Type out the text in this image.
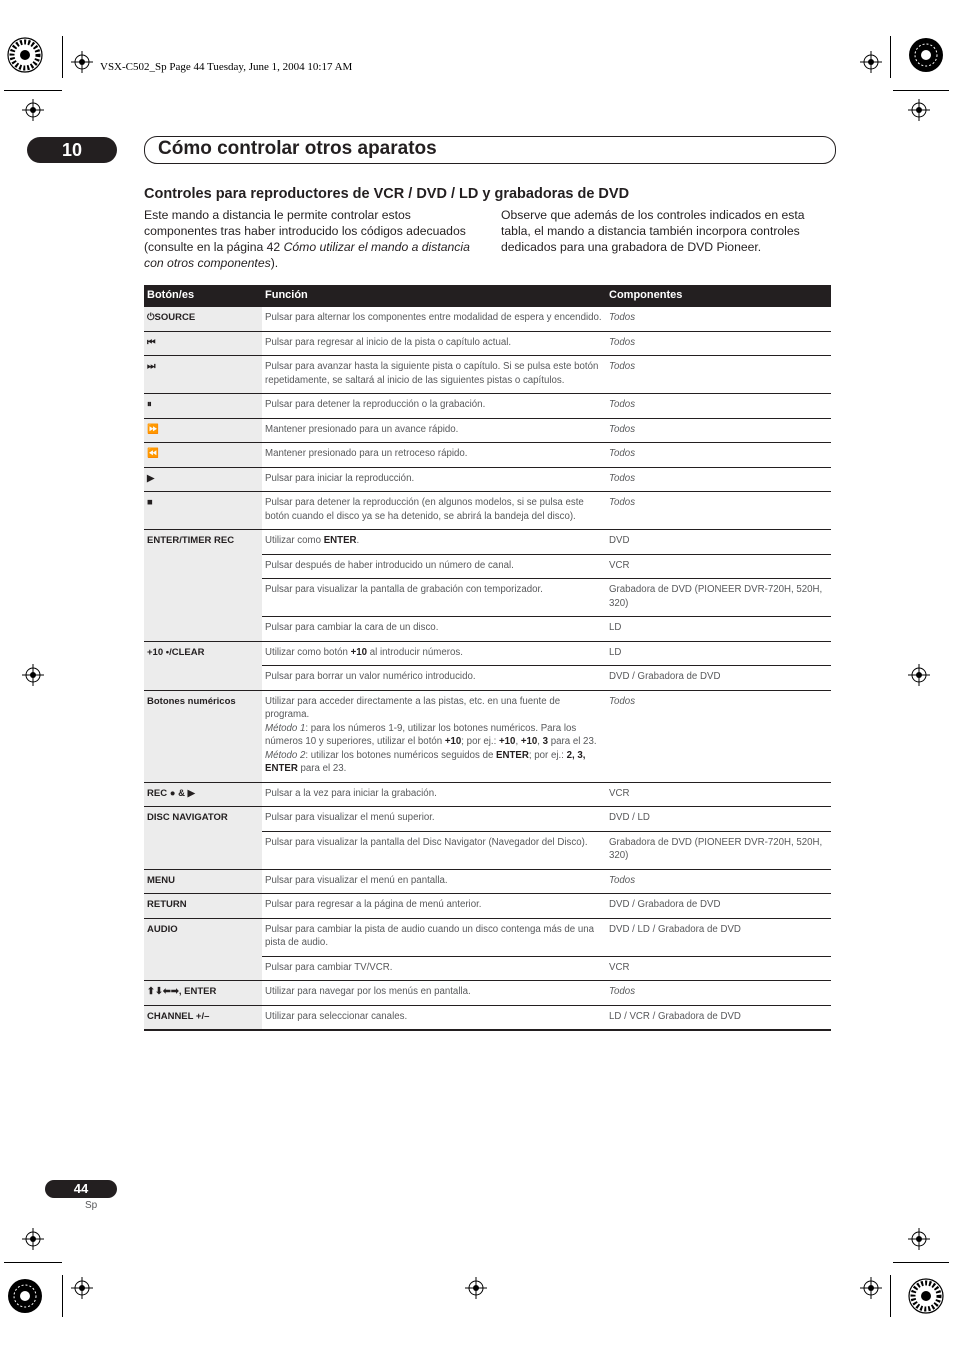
VSX-C502_Sp Page 44 Tuesday, June 1, 2004 10:17 AM
10	Cómo controlar otros aparatos
Controles para reproductores de VCR / DVD / LD y grabadoras de DVD
Este mando a distancia le permite controlar estos componentes tras haber introducido los códigos adecuados (consulte en la página 42 Cómo utilizar el mando a distancia con otros componentes).
Observe que además de los controles indicados en esta tabla, el mando a distancia también incorpora controles dedicados para una grabadora de DVD Pioneer.
Botón/es	Función	Componentes
⏻SOURCE	Pulsar para alternar los componentes entre modalidad de espera y encendido.	Todos
⏮	Pulsar para regresar al inicio de la pista o capítulo actual.	Todos
⏭	Pulsar para avanzar hasta la siguiente pista o capítulo. Si se pulsa este botón repetidamente, se saltará al inicio de las siguientes pistas o capítulos.	Todos
⏸	Pulsar para detener la reproducción o la grabación.	Todos
⏩	Mantener presionado para un avance rápido.	Todos
⏪	Mantener presionado para un retroceso rápido.	Todos
▶	Pulsar para iniciar la reproducción.	Todos
■	Pulsar para detener la reproducción (en algunos modelos, si se pulsa este botón cuando el disco ya se ha detenido, se abrirá la bandeja del disco).	Todos
ENTER/TIMER REC	Utilizar como ENTER.	DVD
	Pulsar después de haber introducido un número de canal.	VCR
	Pulsar para visualizar la pantalla de grabación con temporizador.	Grabadora de DVD (PIONEER DVR-720H, 520H, 320)
	Pulsar para cambiar la cara de un disco.	LD
+10 •/CLEAR	Utilizar como botón +10 al introducir números.	LD
	Pulsar para borrar un valor numérico introducido.	DVD / Grabadora de DVD
Botones numéricos	Utilizar para acceder directamente a las pistas, etc. en una fuente de programa.
Método 1: para los números 1-9, utilizar los botones numéricos. Para los números 10 y superiores, utilizar el botón +10; por ej.: +10, +10, 3 para el 23.
Método 2: utilizar los botones numéricos seguidos de ENTER; por ej.: 2, 3, ENTER para el 23.	Todos
REC ● & ▶	Pulsar a la vez para iniciar la grabación.	VCR
DISC NAVIGATOR	Pulsar para visualizar el menú superior.	DVD / LD
	Pulsar para visualizar la pantalla del Disc Navigator (Navegador del Disco).	Grabadora de DVD (PIONEER DVR-720H, 520H, 320)
MENU	Pulsar para visualizar el menú en pantalla.	Todos
RETURN	Pulsar para regresar a la página de menú anterior.	DVD / Grabadora de DVD
AUDIO	Pulsar para cambiar la pista de audio cuando un disco contenga más de una pista de audio.	DVD / LD / Grabadora de DVD
	Pulsar para cambiar TV/VCR.	VCR
⬆⬇⬅➡, ENTER	Utilizar para navegar por los menús en pantalla.	Todos
CHANNEL +/–	Utilizar para seleccionar canales.	LD / VCR / Grabadora de DVD
44
Sp
